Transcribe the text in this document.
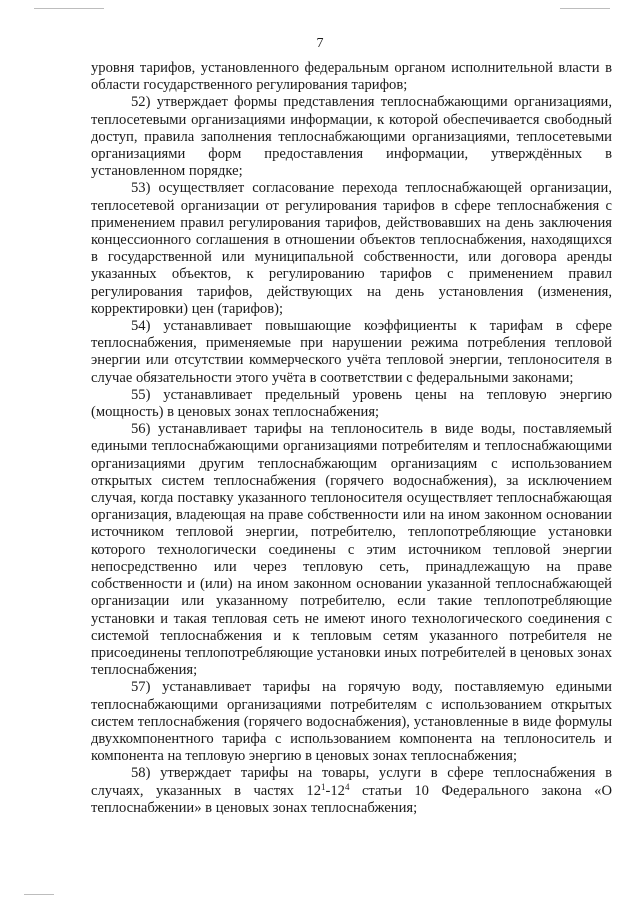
7

уровня тарифов, установленного федеральным органом исполнительной власти в области государственного регулирования тарифов;

52) утверждает формы представления теплоснабжающими организациями, теплосетевыми организациями информации, к которой обеспечивается свободный доступ, правила заполнения теплоснабжающими организациями, теплосетевыми организациями форм предоставления информации, утверждённых в установленном порядке;

53) осуществляет согласование перехода теплоснабжающей организации, теплосетевой организации от регулирования тарифов в сфере теплоснабжения с применением правил регулирования тарифов, действовавших на день заключения концессионного соглашения в отношении объектов теплоснабжения, находящихся в государственной или муниципальной собственности, или договора аренды указанных объектов, к регулированию тарифов с применением правил регулирования тарифов, действующих на день установления (изменения, корректировки) цен (тарифов);

54) устанавливает повышающие коэффициенты к тарифам в сфере теплоснабжения, применяемые при нарушении режима потребления тепловой энергии или отсутствии коммерческого учёта тепловой энергии, теплоносителя в случае обязательности этого учёта в соответствии с федеральными законами;

55) устанавливает предельный уровень цены на тепловую энергию (мощность) в ценовых зонах теплоснабжения;

56) устанавливает тарифы на теплоноситель в виде воды, поставляемый едиными теплоснабжающими организациями потребителям и теплоснабжающими организациями другим теплоснабжающим организациям с использованием открытых систем теплоснабжения (горячего водоснабжения), за исключением случая, когда поставку указанного теплоносителя осуществляет теплоснабжающая организация, владеющая на праве собственности или на ином законном основании источником тепловой энергии, потребителю, теплопотребляющие установки которого технологически соединены с этим источником тепловой энергии непосредственно или через тепловую сеть, принадлежащую на праве собственности и (или) на ином законном основании указанной теплоснабжающей организации или указанному потребителю, если такие теплопотребляющие установки и такая тепловая сеть не имеют иного технологического соединения с системой теплоснабжения и к тепловым сетям указанного потребителя не присоединены теплопотребляющие установки иных потребителей в ценовых зонах теплоснабжения;

57) устанавливает тарифы на горячую воду, поставляемую едиными теплоснабжающими организациями потребителям с использованием открытых систем теплоснабжения (горячего водоснабжения), установленные в виде формулы двухкомпонентного тарифа с использованием компонента на теплоноситель и компонента на тепловую энергию в ценовых зонах теплоснабжения;

58) утверждает тарифы на товары, услуги в сфере теплоснабжения в случаях, указанных в частях $12^1-12^4$ статьи 10 Федерального закона «О теплоснабжении» в ценовых зонах теплоснабжения;
